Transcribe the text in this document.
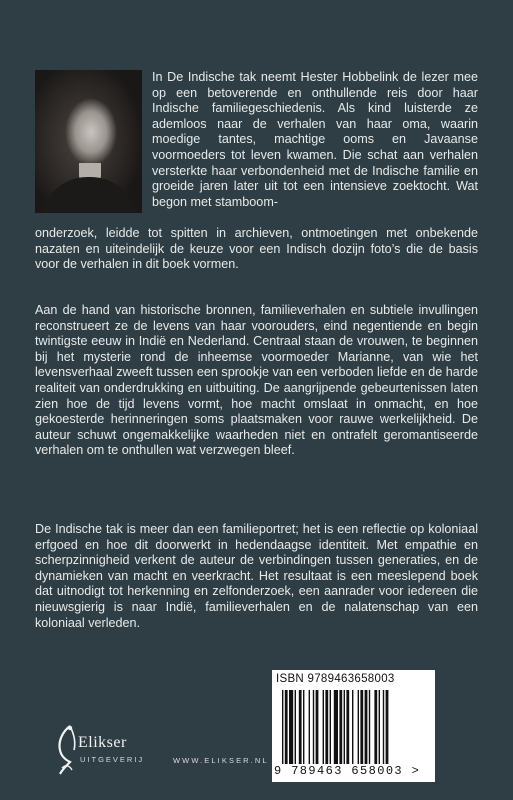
In De Indische tak neemt Hester Hobbelink de lezer mee op een betoverende en onthullende reis door haar Indische familiegeschiedenis. Als kind luisterde ze ademloos naar de verhalen van haar oma, waarin moedige tantes, machtige ooms en Javaanse voormoeders tot leven kwamen. Die schat aan verhalen versterkte haar verbondenheid met de Indische familie en groeide jaren later uit tot een intensieve zoektocht. Wat begon met stamboom-

onderzoek, leidde tot spitten in archieven, ontmoetingen met onbekende nazaten en uiteindelijk de keuze voor een Indisch dozijn foto’s die de basis voor de verhalen in dit boek vormen.

Aan de hand van historische bronnen, familieverhalen en subtiele invullingen reconstrueert ze de levens van haar voorouders, eind negentiende en begin twintigste eeuw in Indië en Nederland. Centraal staan de vrouwen, te beginnen bij het mysterie rond de inheemse voormoeder Marianne, van wie het levensverhaal zweeft tussen een sprookje van een verboden liefde en de harde realiteit van onderdrukking en uitbuiting. De aangrijpende gebeurtenissen laten zien hoe de tijd levens vormt, hoe macht omslaat in onmacht, en hoe gekoesterde herinneringen soms plaatsmaken voor rauwe werkelijkheid. De auteur schuwt ongemakkelijke waarheden niet en ontrafelt geromantiseerde verhalen om te onthullen wat verzwegen bleef.

De Indische tak is meer dan een familieportret; het is een reflectie op koloniaal erfgoed en hoe dit doorwerkt in hedendaagse identiteit. Met empathie en scherpzinnigheid verkent de auteur de verbindingen tussen generaties, en de dynamieken van macht en veerkracht. Het resultaat is een meeslepend boek dat uitnodigt tot herkenning en zelfonderzoek, een aanrader voor iedereen die nieuwsgierig is naar Indië, familieverhalen en de nalatenschap van een koloniaal verleden.

ISBN 9789463658003
9 789463 658003 >
Elikser
UITGEVERIJ	WWW.ELIKSER.NL
